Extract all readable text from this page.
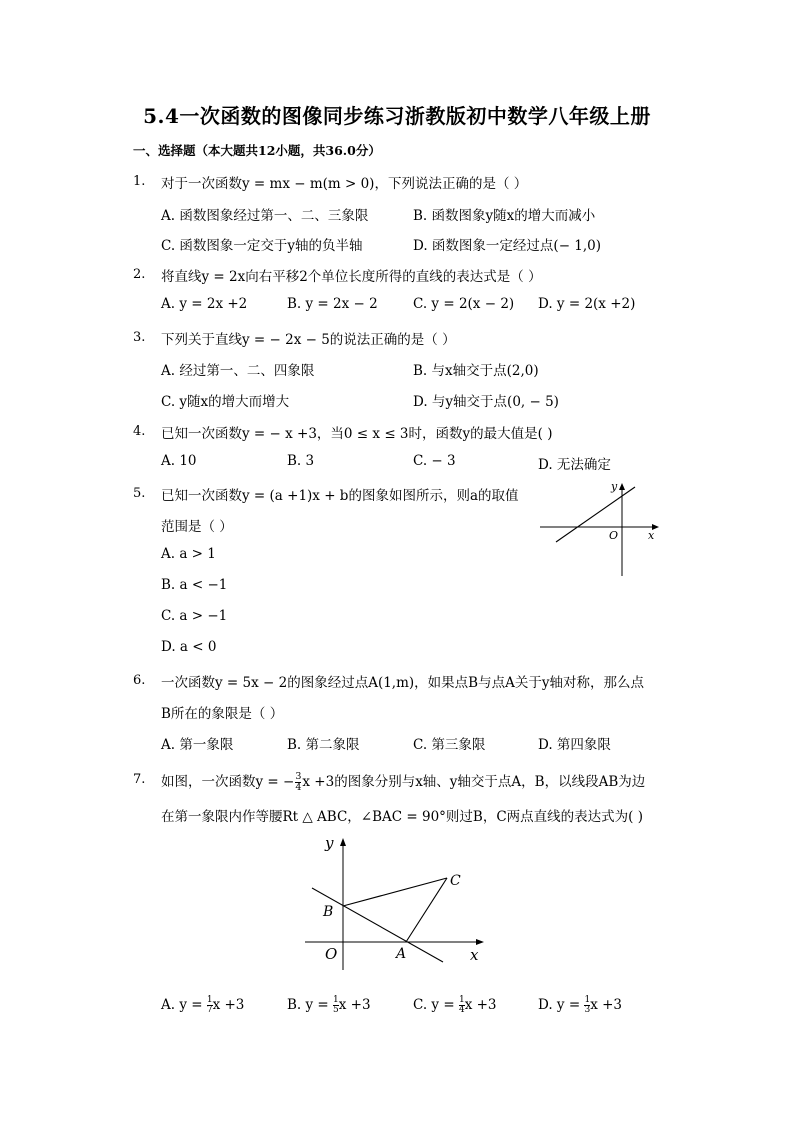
5.4一次函数的图像同步练习浙教版初中数学八年级上册
一、选择题（本大题共12小题，共36.0分）
1. 对于一次函数y = mx − m(m > 0)，下列说法正确的是（ ）
A. 函数图象经过第一、二、三象限	B. 函数图象y随x的增大而减小
C. 函数图象一定交于y轴的负半轴	D. 函数图象一定经过点(− 1,0)
2. 将直线y = 2x向右平移2个单位长度所得的直线的表达式是（ ）
A. y = 2x +2	B. y = 2x − 2	C. y = 2(x − 2) D. y = 2(x +2)
3. 下列关于直线y = − 2x − 5的说法正确的是（ ）
A. 经过第一、二、四象限	B. 与x轴交于点(2,0)
C. y随x的增大而增大	D. 与y轴交于点(0, − 5)
4. 已知一次函数y = − x +3，当0 ≤ x ≤ 3时，函数y的最大值是( )
A. 10	B. 3	C. − 3	D. 无法确定
5. 已知一次函数y = (a +1)x + b的图象如图所示，则a的取值
范围是（ ）
A. a > 1
B. a < −1
C. a > −1
D. a < 0
y
x
O
6. 一次函数y = 5x − 2的图象经过点A(1,m)，如果点B与点A关于y轴对称，那么点
B所在的象限是（ ）
A. 第一象限	B. 第二象限	C. 第三象限	D. 第四象限
7. 如图，一次函数y = − $\frac{3}{4}$ x +3的图象分别与x轴、y轴交于点A，B，以线段AB为边
在第一象限内作等腰Rt △ ABC，∠BAC = 90°则过B，C两点直线的表达式为( )
y
x
O	A
B
C
A. $y = \frac{1}{7}$ x +3	B. $y = \frac{1}{5}$ x +3	C. $y = \frac{1}{4}$ x +3	D. $y = \frac{1}{3}$ x +3
